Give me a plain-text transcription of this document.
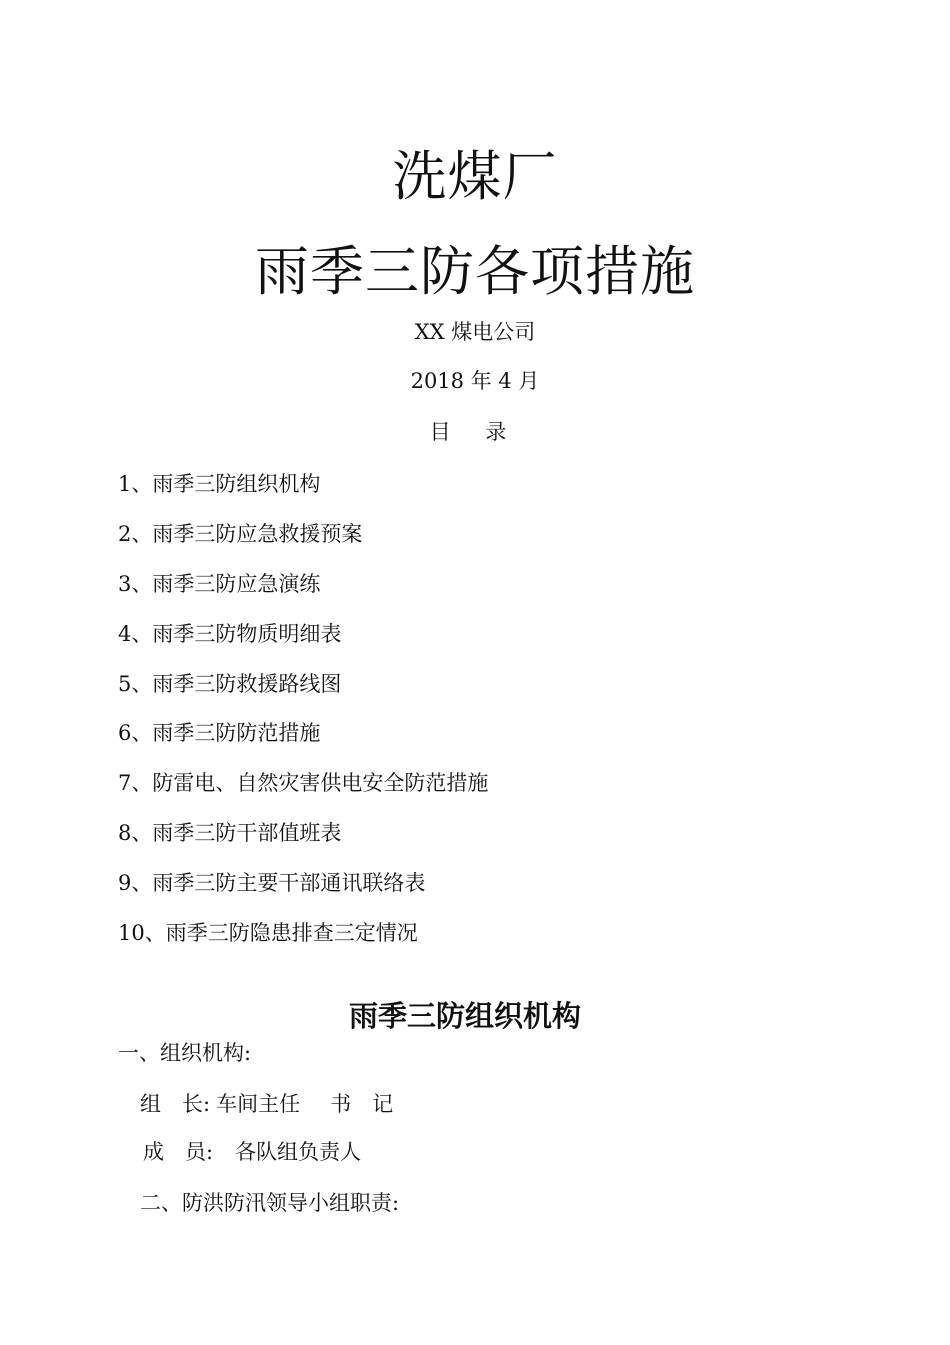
洗煤厂
雨季三防各项措施
XX 煤电公司
2018 年 4 月
目 录
1、雨季三防组织机构
2、雨季三防应急救援预案
3、雨季三防应急演练
4、雨季三防物质明细表
5、雨季三防救援路线图
6、雨季三防防范措施
7、防雷电、自然灾害供电安全防范措施
8、雨季三防干部值班表
9、雨季三防主要干部通讯联络表
10、雨季三防隐患排查三定情况
雨季三防组织机构
一、组织机构:
组　长: 车间主任 书　记
成　员: 各队组负责人
二、防洪防汛领导小组职责:
